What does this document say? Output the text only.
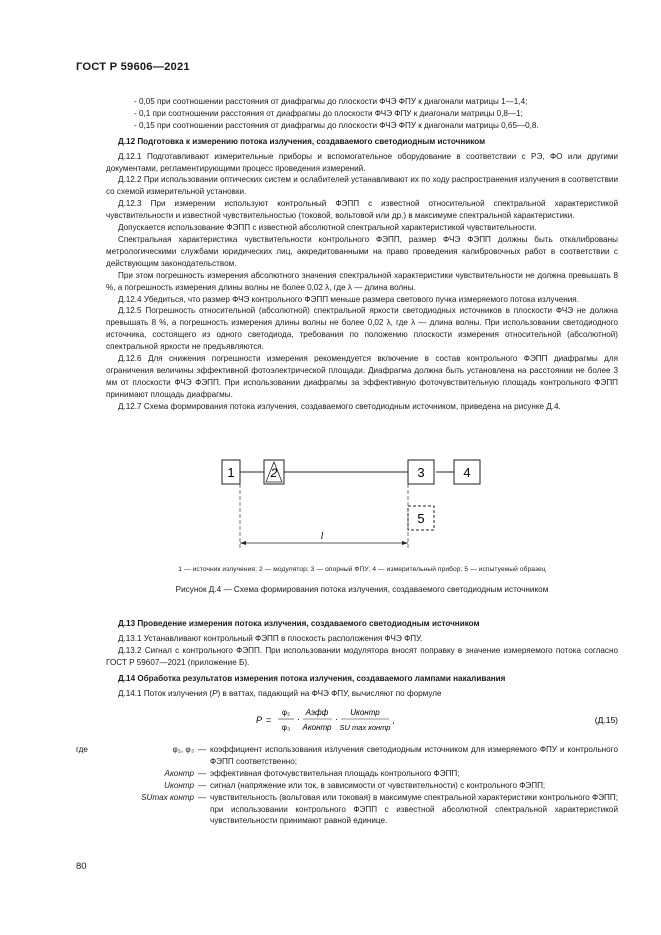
ГОСТ Р 59606—2021

- 0,05 при соотношении расстояния от диафрагмы до плоскости ФЧЭ ФПУ к диагонали матрицы 1—1,4;

- 0,1 при соотношении расстояния от диафрагмы до плоскости ФЧЭ ФПУ к диагонали матрицы 0,8—1;

- 0,15 при соотношении расстояния от диафрагмы до плоскости ФЧЭ ФПУ к диагонали матрицы 0,65—0,8.

Д.12 Подготовка к измерению потока излучения, создаваемого светодиодным источником

Д.12.1 Подготавливают измерительные приборы и вспомогательное оборудование в соответствии с РЭ, ФО или другими документами, регламентирующими процесс проведения измерений.

Д.12.2 При использовании оптических систем и ослабителей устанавливают их по ходу распространения излучения в соответствии со схемой измерительной установки.

Д.12.3 При измерении используют контрольный ФЭПП с известной относительной спектральной характеристикой чувствительности и известной чувствительностью (токовой, вольтовой или др.) в максимуме спектральной характеристики.

Допускается использование ФЭПП с известной абсолютной спектральной характеристикой чувствительности.

Спектральная характеристика чувствительности контрольного ФЭПП, размер ФЧЭ ФЭПП должны быть откалиброваны метрологическими службами юридических лиц, аккредитованными на право проведения калибровочных работ в соответствии с действующим законодательством.

При этом погрешность измерения абсолютного значения спектральной характеристики чувствительности не должна превышать 8 %, а погрешность измерения длины волны не более 0,02 λ, где λ — длина волны.

Д.12.4 Убедиться, что размер ФЧЭ контрольного ФЭПП меньше размера светового пучка измеряемого потока излучения.

Д.12.5 Погрешность относительной (абсолютной) спектральной яркости светодиодных источников в плоскости ФЧЭ не должна превышать 8 %, а погрешность измерения длины волны не более 0,02 λ, где λ — длина волны. При использовании светодиодного источника, состоящего из одного светодиода, требования по положению плоскости измерения относительной (абсолютной) спектральной яркости не предъявляются.

Д.12.6 Для снижения погрешности измерения рекомендуется включение в состав контрольного ФЭПП диафрагмы для ограничения величины эффективной фотоэлектрической площади. Диафрагма должна быть установлена на расстоянии не более 3 мм от плоскости ФЧЭ ФЭПП. При использовании диафрагмы за эффективную фоточувствительную площадь контрольного ФЭПП принимают площадь диафрагмы.

Д.12.7 Схема формирования потока излучения, создаваемого светодиодным источником, приведена на рисунке Д.4.

1	2	3	4
5
l
1 — источник излучения; 2 — модулятор; 3 — опорный ФПУ; 4 — измерительный прибор; 5 — испытуемый образец
Рисунок Д.4 — Схема формирования потока излучения, создаваемого светодиодным источником

Д.13 Проведение измерения потока излучения, создаваемого светодиодным источником

Д.13.1 Устанавливают контрольный ФЭПП в плоскость расположения ФЧЭ ФПУ.

Д.13.2 Сигнал с контрольного ФЭПП. При использовании модулятора вносят поправку в значение измеряемого потока согласно ГОСТ Р 59607—2021 (приложение Б).

Д.14 Обработка результатов измерения потока излучения, создаваемого лампами накаливания

Д.14.1 Поток излучения (P) в ваттах, падающий на ФЧЭ ФПУ, вычисляют по формуле

P =
φ₂
φ₃
·
Aэфф
Aконтр
·
Uконтр
SU max контр
,	(Д.15)
где	φ₂, φ₃ — коэффициент использования излучения светодиодным источником для измеряемого ФПУ и контрольного ФЭПП соответственно;
Aконтр — эффективная фоточувствительная площадь контрольного ФЭПП;
Uконтр — сигнал (напряжение или ток, в зависимости от чувствительности) с контрольного ФЭПП;
SUmax контр — чувствительность (вольтовая или токовая) в максимуме спектральной характеристики контрольного ФЭПП; при использовании контрольного ФЭПП с известной абсолютной спектральной характеристикой чувствительности принимают равной единице.
80
